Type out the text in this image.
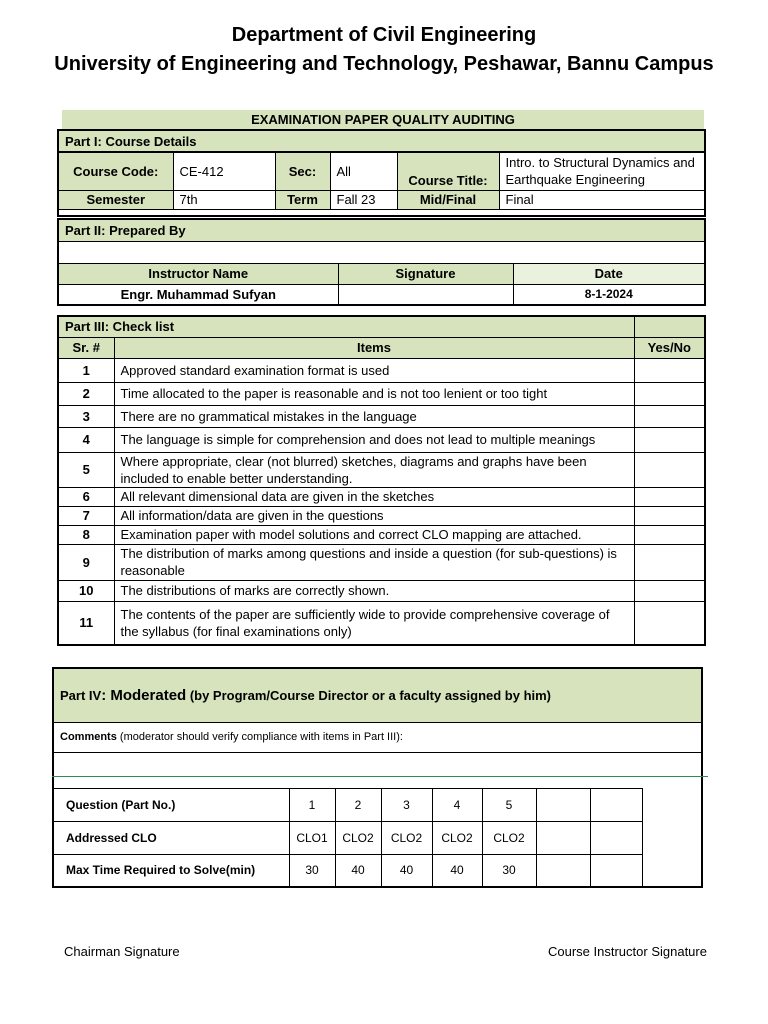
Department of Civil Engineering
University of Engineering and Technology, Peshawar, Bannu Campus
EXAMINATION PAPER QUALITY AUDITING
Part I: Course Details					
Course Code:	CE-412	Sec:	All	Course Title:	Intro. to Structural Dynamics and Earthquake Engineering
Semester	7th	Term	Fall 23	Mid/Final	Final

Part II: Prepared By		

Instructor Name	Signature	Date
Engr. Muhammad Sufyan		8-1-2024
Part III: Check list		
Sr. #	Items	Yes/No
1	Approved standard examination format is used	
2	Time allocated to the paper is reasonable and is not too lenient or too tight	
3	There are no grammatical mistakes in the language	
4	The language is simple for comprehension and does not lead to multiple meanings	
5	Where appropriate, clear (not blurred) sketches, diagrams and graphs have been included to enable better understanding.	
6	All relevant dimensional data are given in the sketches	
7	All information/data are given in the questions	
8	Examination paper with model solutions and correct CLO mapping are attached.	
9	The distribution of marks among questions and inside a question (for sub-questions) is reasonable	
10	The distributions of marks are correctly shown.	
11	The contents of the paper are sufficiently wide to provide comprehensive coverage of the syllabus (for final examinations only)	
Part IV: Moderated (by Program/Course Director or a faculty assigned by him)								
Comments (moderator should verify compliance with items in Part III):								

Question (Part No.)	1	2	3	4	5			
Addressed CLO	CLO1	CLO2	CLO2	CLO2	CLO2			
Max Time Required to Solve(min)	30	40	40	40	30			
Chairman Signature	Course Instructor Signature
